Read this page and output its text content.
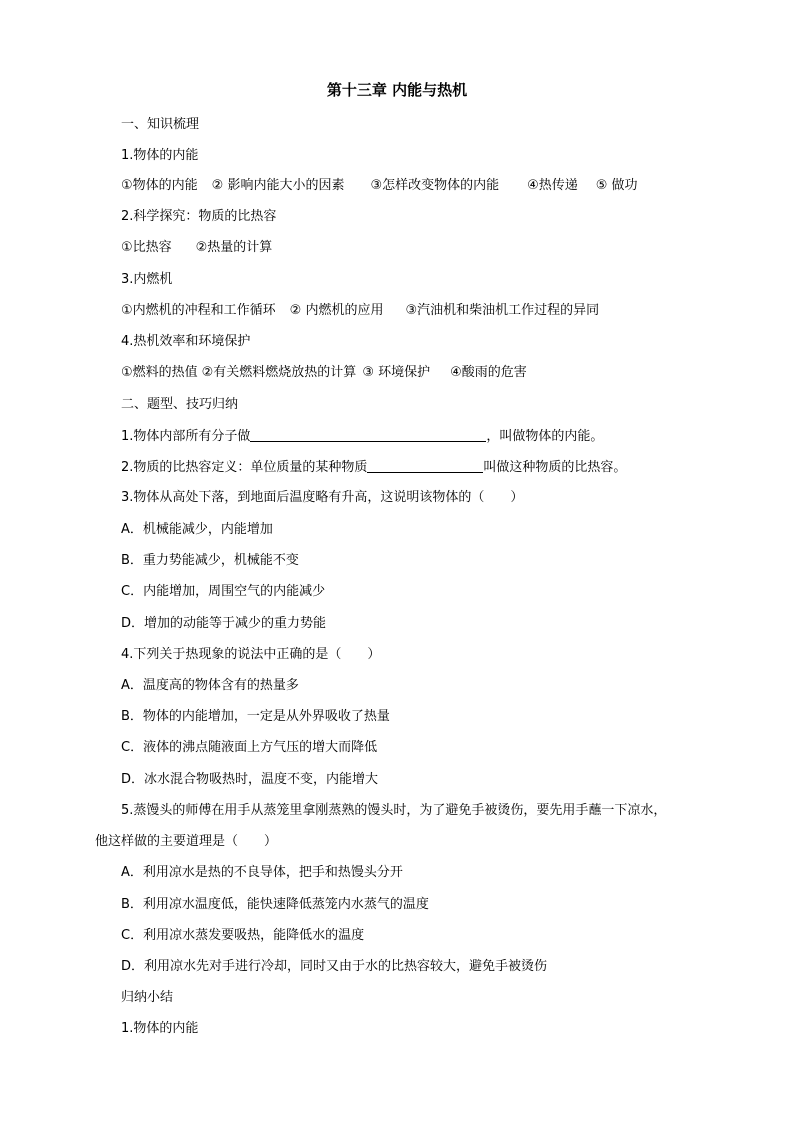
第十三章 内能与热机
一、知识梳理
1.物体的内能
①物体的内能 ② 影响内能大小的因素 ③怎样改变物体的内能 ④热传递 ⑤ 做功
2.科学探究：物质的比热容
①比热容 ②热量的计算
3.内燃机
①内燃机的冲程和工作循环 ② 内燃机的应用 ③汽油机和柴油机工作过程的异同
4.热机效率和环境保护
①燃料的热值 ②有关燃料燃烧放热的计算 ③ 环境保护 ④酸雨的危害
二、题型、技巧归纳
1.物体内部所有分子做	，叫做物体的内能。
2.物质的比热容定义：单位质量的某种物质	叫做这种物质的比热容。
3.物体从高处下落，到地面后温度略有升高，这说明该物体的（　　）
A．机械能减少，内能增加
B．重力势能减少，机械能不变
C．内能增加，周围空气的内能减少
D．增加的动能等于减少的重力势能
4.下列关于热现象的说法中正确的是（　　）
A．温度高的物体含有的热量多
B．物体的内能增加，一定是从外界吸收了热量
C．液体的沸点随液面上方气压的增大而降低
D．冰水混合物吸热时，温度不变，内能增大
5.蒸馒头的师傅在用手从蒸笼里拿刚蒸熟的馒头时，为了避免手被烫伤，要先用手蘸一下凉水，
他这样做的主要道理是（　　）
A．利用凉水是热的不良导体，把手和热馒头分开
B．利用凉水温度低，能快速降低蒸笼内水蒸气的温度
C．利用凉水蒸发要吸热，能降低水的温度
D．利用凉水先对手进行冷却，同时又由于水的比热容较大，避免手被烫伤
归纳小结
1.物体的内能
